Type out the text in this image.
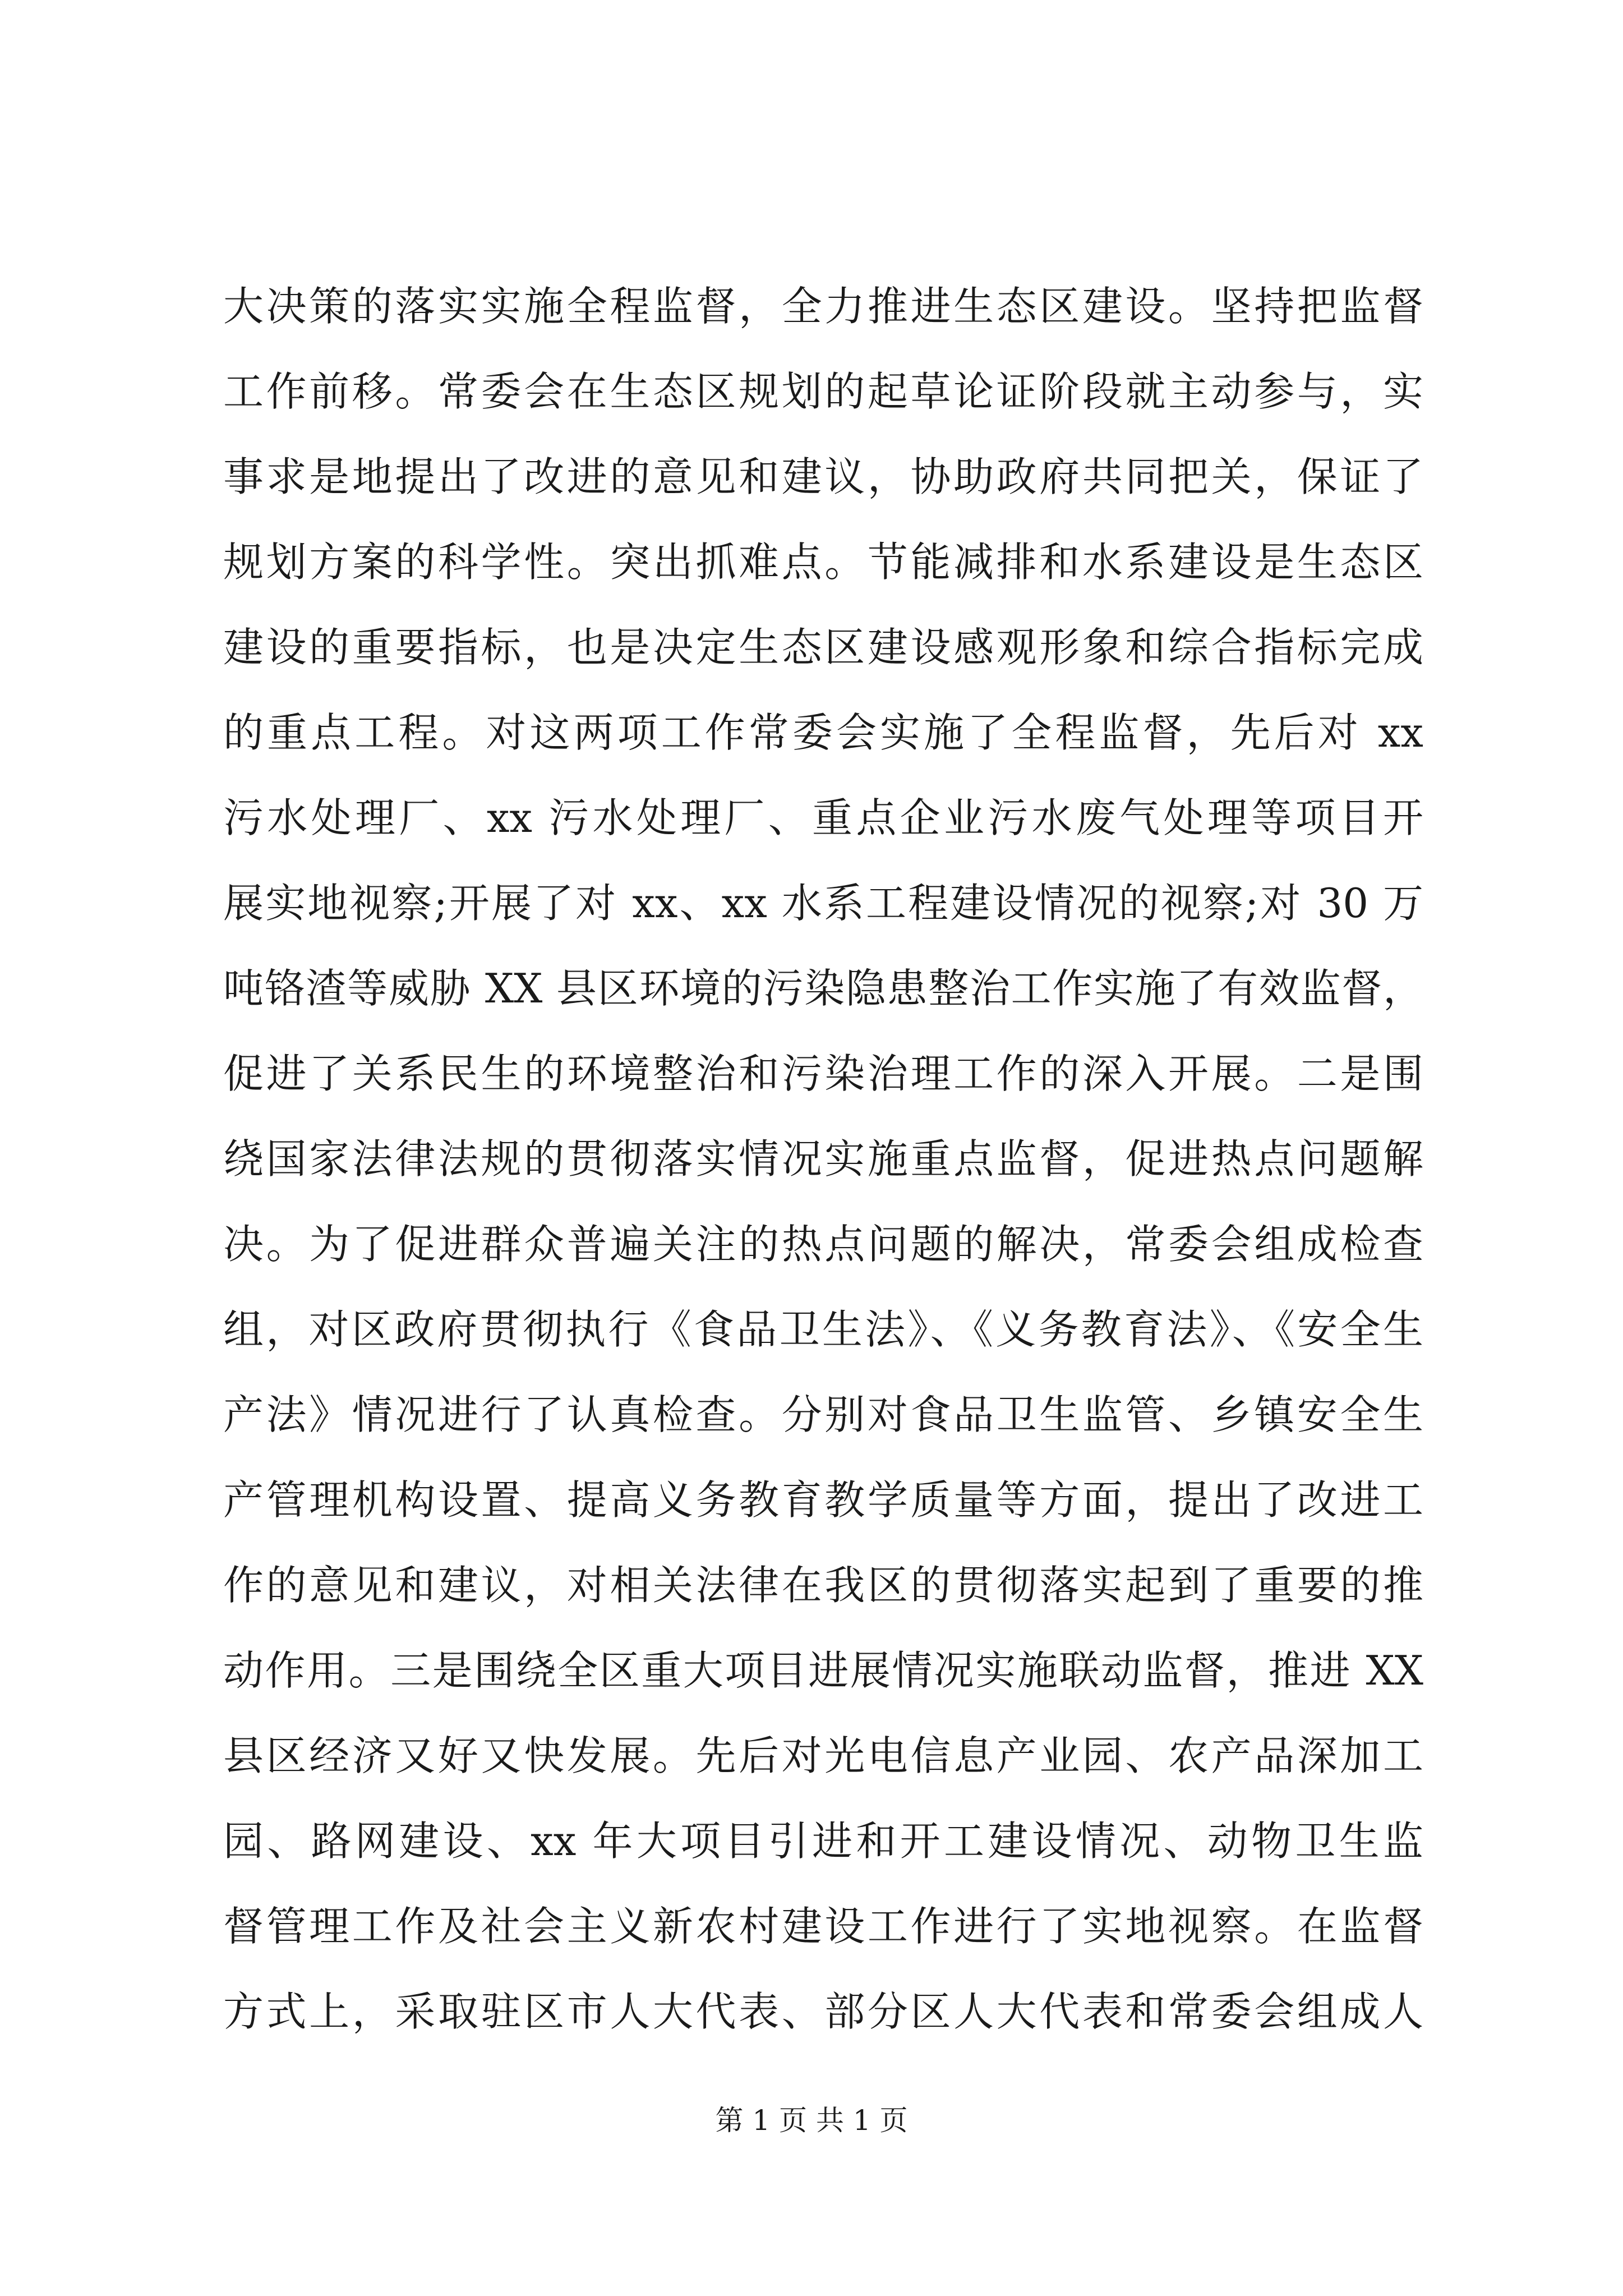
大决策的落实实施全程监督，全力推进生态区建设。坚持把监督
工作前移。常委会在生态区规划的起草论证阶段就主动参与，实
事求是地提出了改进的意见和建议，协助政府共同把关，保证了
规划方案的科学性。突出抓难点。节能减排和水系建设是生态区
建设的重要指标，也是决定生态区建设感观形象和综合指标完成
的重点工程。对这两项工作常委会实施了全程监督，先后对 xx
污水处理厂、xx 污水处理厂、重点企业污水废气处理等项目开
展实地视察;开展了对 xx、xx 水系工程建设情况的视察;对 30 万
吨铬渣等威胁 XX 县区环境的污染隐患整治工作实施了有效监督，
促进了关系民生的环境整治和污染治理工作的深入开展。二是围
绕国家法律法规的贯彻落实情况实施重点监督，促进热点问题解
决。为了促进群众普遍关注的热点问题的解决，常委会组成检查
组，对区政府贯彻执行《食品卫生法》、《义务教育法》、《安全生
产法》情况进行了认真检查。分别对食品卫生监管、乡镇安全生
产管理机构设置、提高义务教育教学质量等方面，提出了改进工
作的意见和建议，对相关法律在我区的贯彻落实起到了重要的推
动作用。三是围绕全区重大项目进展情况实施联动监督，推进 XX
县区经济又好又快发展。先后对光电信息产业园、农产品深加工
园、路网建设、xx 年大项目引进和开工建设情况、动物卫生监
督管理工作及社会主义新农村建设工作进行了实地视察。在监督
方式上，采取驻区市人大代表、部分区人大代表和常委会组成人
第 1 页 共 1 页
